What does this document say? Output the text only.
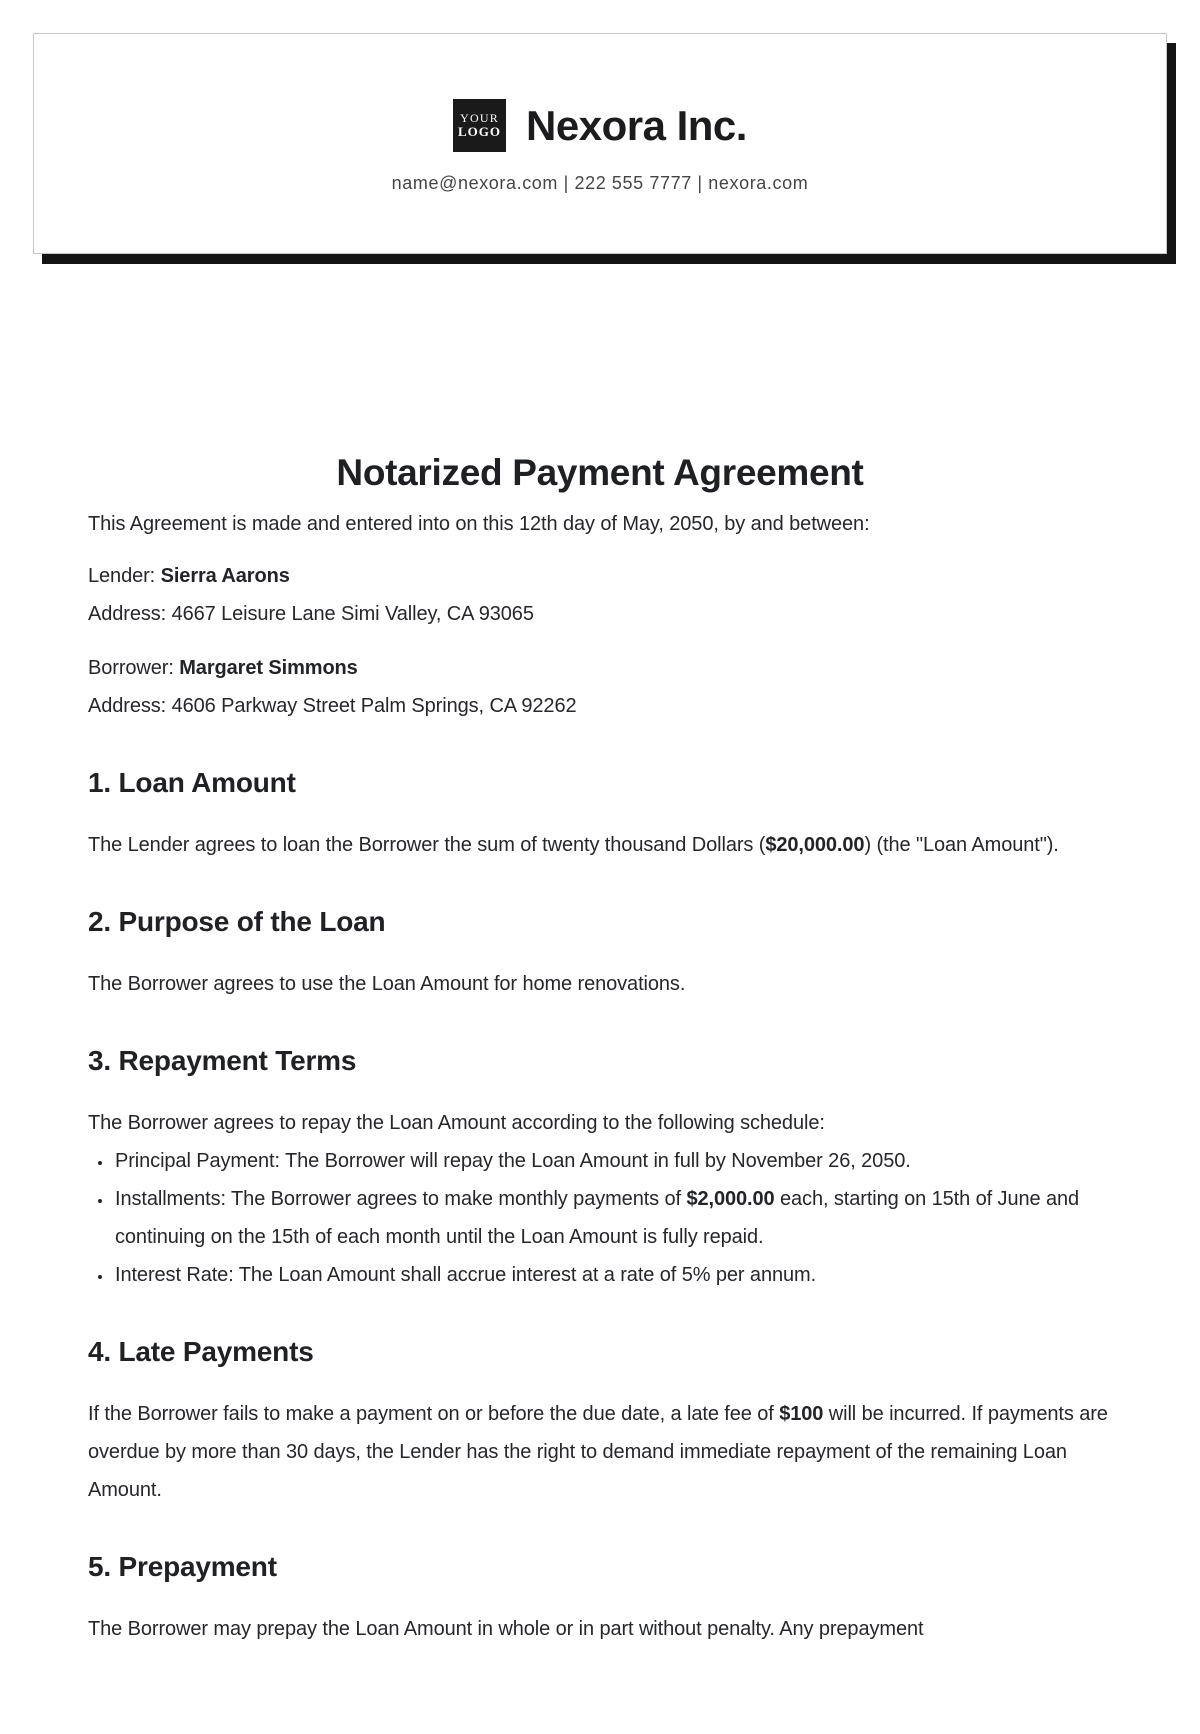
YOUR
LOGO Nexora Inc.
name@nexora.com | 222 555 7777 | nexora.com
Notarized Payment Agreement

This Agreement is made and entered into on this 12th day of May, 2050, by and between:

Lender: Sierra Aarons
Address: 4667 Leisure Lane Simi Valley, CA 93065
Borrower: Margaret Simmons
Address: 4606 Parkway Street Palm Springs, CA 92262
1. Loan Amount

The Lender agrees to loan the Borrower the sum of twenty thousand Dollars ($20,000.00) (the "Loan Amount").

2. Purpose of the Loan

The Borrower agrees to use the Loan Amount for home renovations.

3. Repayment Terms

The Borrower agrees to repay the Loan Amount according to the following schedule:

• Principal Payment: The Borrower will repay the Loan Amount in full by November 26, 2050.
• Installments: The Borrower agrees to make monthly payments of $2,000.00 each, starting on 15th of June and continuing on the 15th of each month until the Loan Amount is fully repaid.
• Interest Rate: The Loan Amount shall accrue interest at a rate of 5% per annum.
4. Late Payments

If the Borrower fails to make a payment on or before the due date, a late fee of $100 will be incurred. If payments are overdue by more than 30 days, the Lender has the right to demand immediate repayment of the remaining Loan Amount.

5. Prepayment

The Borrower may prepay the Loan Amount in whole or in part without penalty. Any prepayment
